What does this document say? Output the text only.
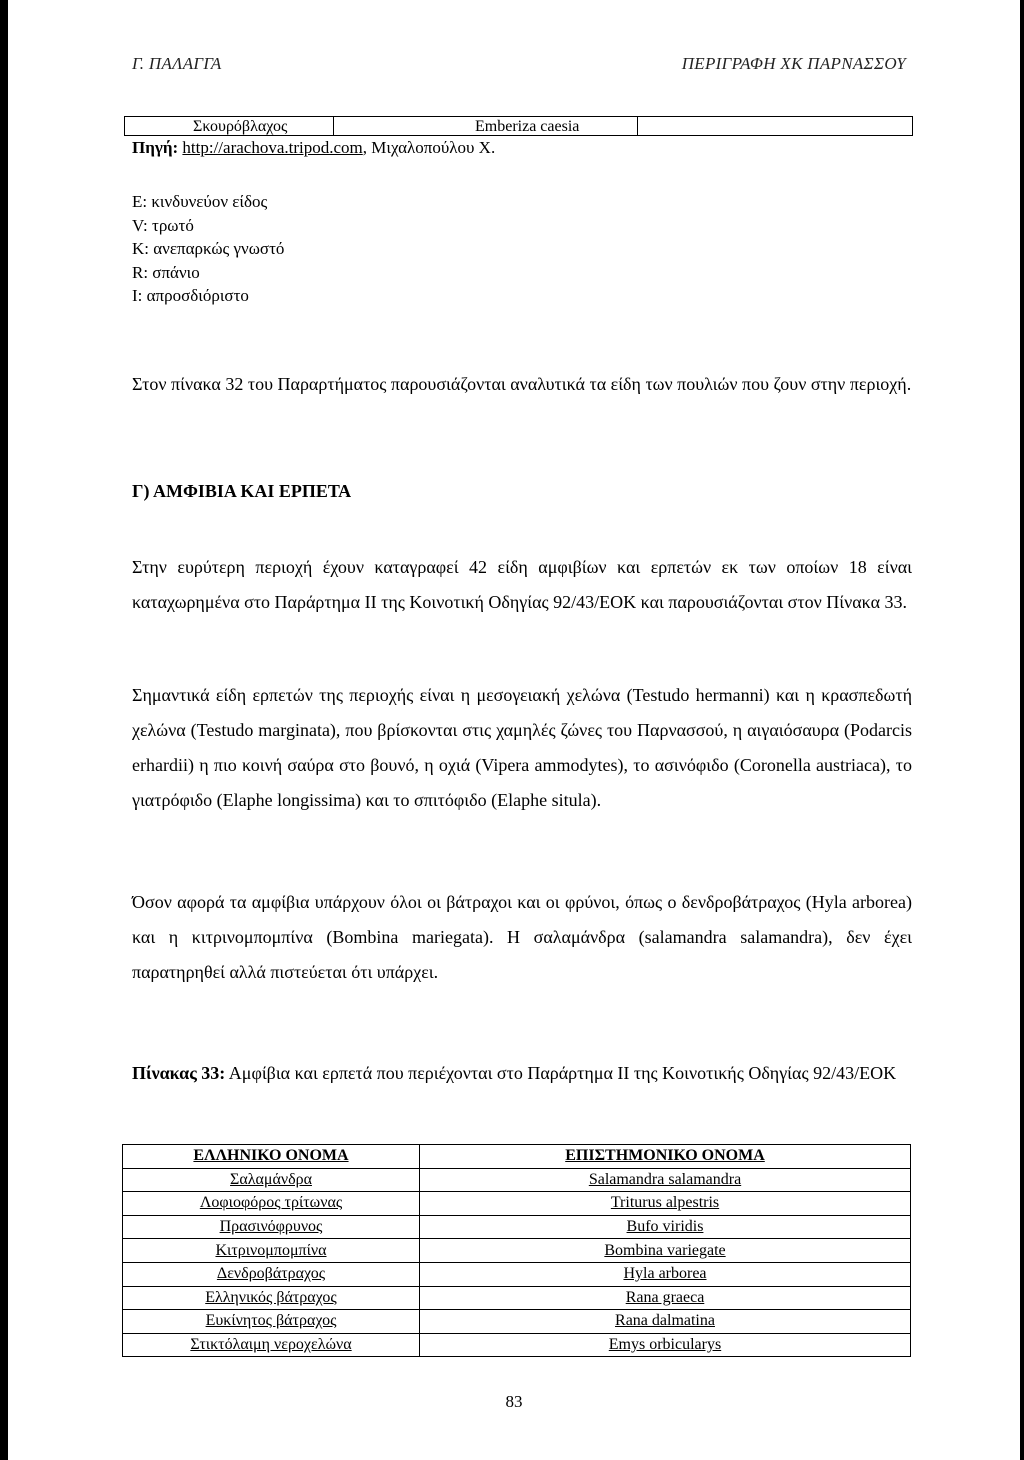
Γ. ΠΑΛΑΓΓΑ	ΠΕΡΙΓΡΑΦΗ ΧΚ ΠΑΡΝΑΣΣΟΥ
Σκουρόβλαχος	Emberiza caesia
Πηγή: http://arachova.tripod.com, Μιχαλοπούλου Χ.
E: κινδυνεύον είδος
V: τρωτό
K: ανεπαρκώς γνωστό
R: σπάνιο
I: απροσδιόριστο
Στον πίνακα 32 του Παραρτήματος παρουσιάζονται αναλυτικά τα είδη των πουλιών που ζουν στην περιοχή.
Γ) ΑΜΦΙΒΙΑ ΚΑΙ ΕΡΠΕΤΑ
Στην ευρύτερη περιοχή έχουν καταγραφεί 42 είδη αμφιβίων και ερπετών εκ των οποίων 18 είναι καταχωρημένα στο Παράρτημα ΙΙ της Κοινοτική Οδηγίας 92/43/ΕΟΚ και παρουσιάζονται στον Πίνακα 33.
Σημαντικά είδη ερπετών της περιοχής είναι η μεσογειακή χελώνα (Testudo hermanni) και η κρασπεδωτή χελώνα (Testudo marginata), που βρίσκονται στις χαμηλές ζώνες του Παρνασσού, η αιγαιόσαυρα (Podarcis erhardii) η πιο κοινή σαύρα στο βουνό, η οχιά (Vipera ammodytes), το ασινόφιδο (Coronella austriaca), το γιατρόφιδο (Elaphe longissima) και το σπιτόφιδο (Elaphe situla).
Όσον αφορά τα αμφίβια υπάρχουν όλοι οι βάτραχοι και οι φρύνοι, όπως ο δενδροβάτραχος (Hyla arborea) και η κιτρινομπομπίνα (Bombina mariegata). Η σαλαμάνδρα (salamandra salamandra), δεν έχει παρατηρηθεί αλλά πιστεύεται ότι υπάρχει.
Πίνακας 33: Αμφίβια και ερπετά που περιέχονται στο Παράρτημα ΙΙ της Κοινοτικής Οδηγίας 92/43/ΕΟΚ
ΕΛΛΗΝΙΚΟ ΟΝΟΜΑ	ΕΠΙΣΤΗΜΟΝΙΚΟ ΟΝΟΜΑ
Σαλαμάνδρα	Salamandra salamandra
Λοφιοφόρος τρίτωνας	Triturus alpestris
Πρασινόφρυνος	Bufo viridis
Κιτρινομπομπίνα	Bombina variegate
Δενδροβάτραχος	Hyla arborea
Ελληνικός βάτραχος	Rana graeca
Ευκίνητος βάτραχος	Rana dalmatina
Στικτόλαιμη νεροχελώνα	Emys orbicularys
83
